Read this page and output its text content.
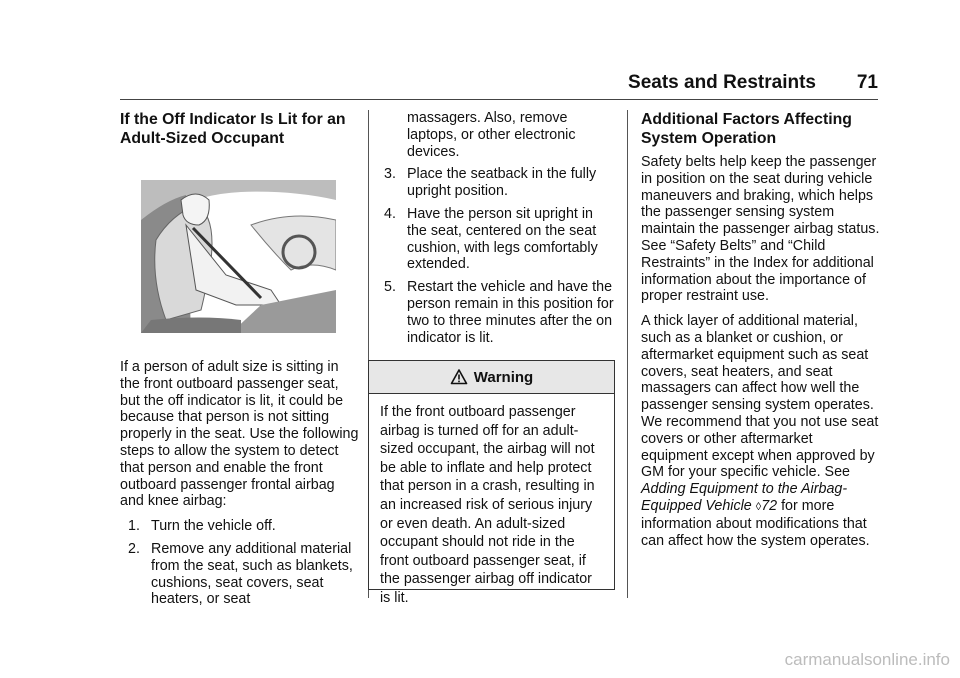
Seats and Restraints 71
If the Off Indicator Is Lit for an Adult-Sized Occupant

If a person of adult size is sitting in the front outboard passenger seat, but the off indicator is lit, it could be because that person is not sitting properly in the seat. Use the following steps to allow the system to detect that person and enable the front outboard passenger frontal airbag and knee airbag:

1. Turn the vehicle off.
2. Remove any additional material from the seat, such as blankets, cushions, seat covers, seat heaters, or seat
massagers. Also, remove laptops, or other electronic devices.
3. Place the seatback in the fully upright position.
4. Have the person sit upright in the seat, centered on the seat cushion, with legs comfortably extended.
5. Restart the vehicle and have the person remain in this position for two to three minutes after the on indicator is lit.
Warning
If the front outboard passenger airbag is turned off for an adult-sized occupant, the airbag will not be able to inflate and help protect that person in a crash, resulting in an increased risk of serious injury or even death. An adult-sized occupant should not ride in the front outboard passenger seat, if the passenger airbag off indicator is lit.
Additional Factors Affecting System Operation

Safety belts help keep the passenger in position on the seat during vehicle maneuvers and braking, which helps the passenger sensing system maintain the passenger airbag status. See “Safety Belts” and “Child Restraints” in the Index for additional information about the importance of proper restraint use.

A thick layer of additional material, such as a blanket or cushion, or aftermarket equipment such as seat covers, seat heaters, and seat massagers can affect how well the passenger sensing system operates. We recommend that you not use seat covers or other aftermarket equipment except when approved by GM for your specific vehicle. See Adding Equipment to the Airbag-Equipped Vehicle ◊72 for more information about modifications that can affect how the system operates.

carmanualsonline.info
